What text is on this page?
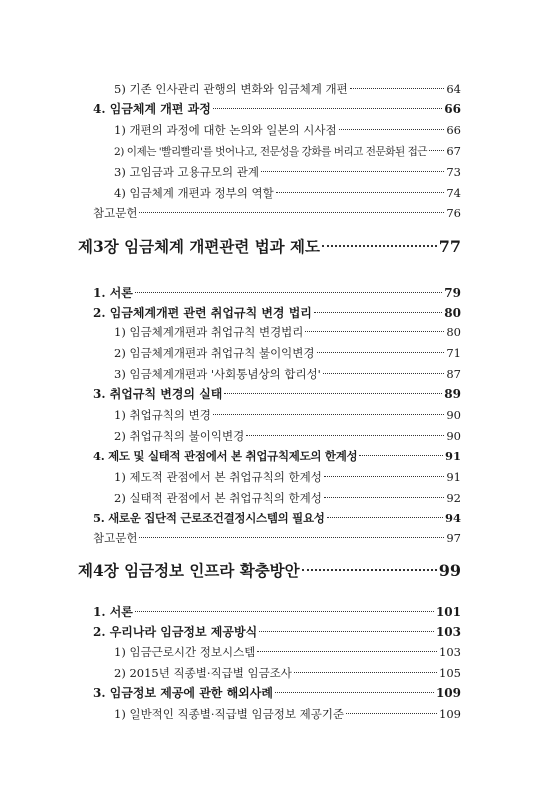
5) 기존 인사관리 관행의 변화와 임금체계 개편	64
4. 임금체계 개편 과정	66
1) 개편의 과정에 대한 논의와 일본의 시사점	66
2) 이제는 '빨리빨리'를 벗어나고, 전문성을 강화를 버리고 전문화된 접근 67
3) 고임금과 고용규모의 관계	73
4) 임금체계 개편과 정부의 역할	74
참고문헌	76
제3장 임금체계 개편관련 법과 제도	77
1. 서론	79
2. 임금체계개편 관련 취업규칙 변경 법리	80
1) 임금체계개편과 취업규칙 변경법리	80
2) 임금체계개편과 취업규칙 불이익변경	71
3) 임금체계개편과 '사회통념상의 합리성'	87
3. 취업규칙 변경의 실태	89
1) 취업규칙의 변경	90
2) 취업규칙의 불이익변경	90
4. 제도 및 실태적 관점에서 본 취업규칙제도의 한계성	91
1) 제도적 관점에서 본 취업규칙의 한계성	91
2) 실태적 관점에서 본 취업규칙의 한계성	92
5. 새로운 집단적 근로조건결정시스템의 필요성	94
참고문헌	97
제4장 임금정보 인프라 확충방안	99
1. 서론	101
2. 우리나라 임금정보 제공방식	103
1) 임금근로시간 정보시스템	103
2) 2015년 직종별·직급별 임금조사	105
3. 임금정보 제공에 관한 해외사례	109
1) 일반적인 직종별·직급별 임금정보 제공기준	109
